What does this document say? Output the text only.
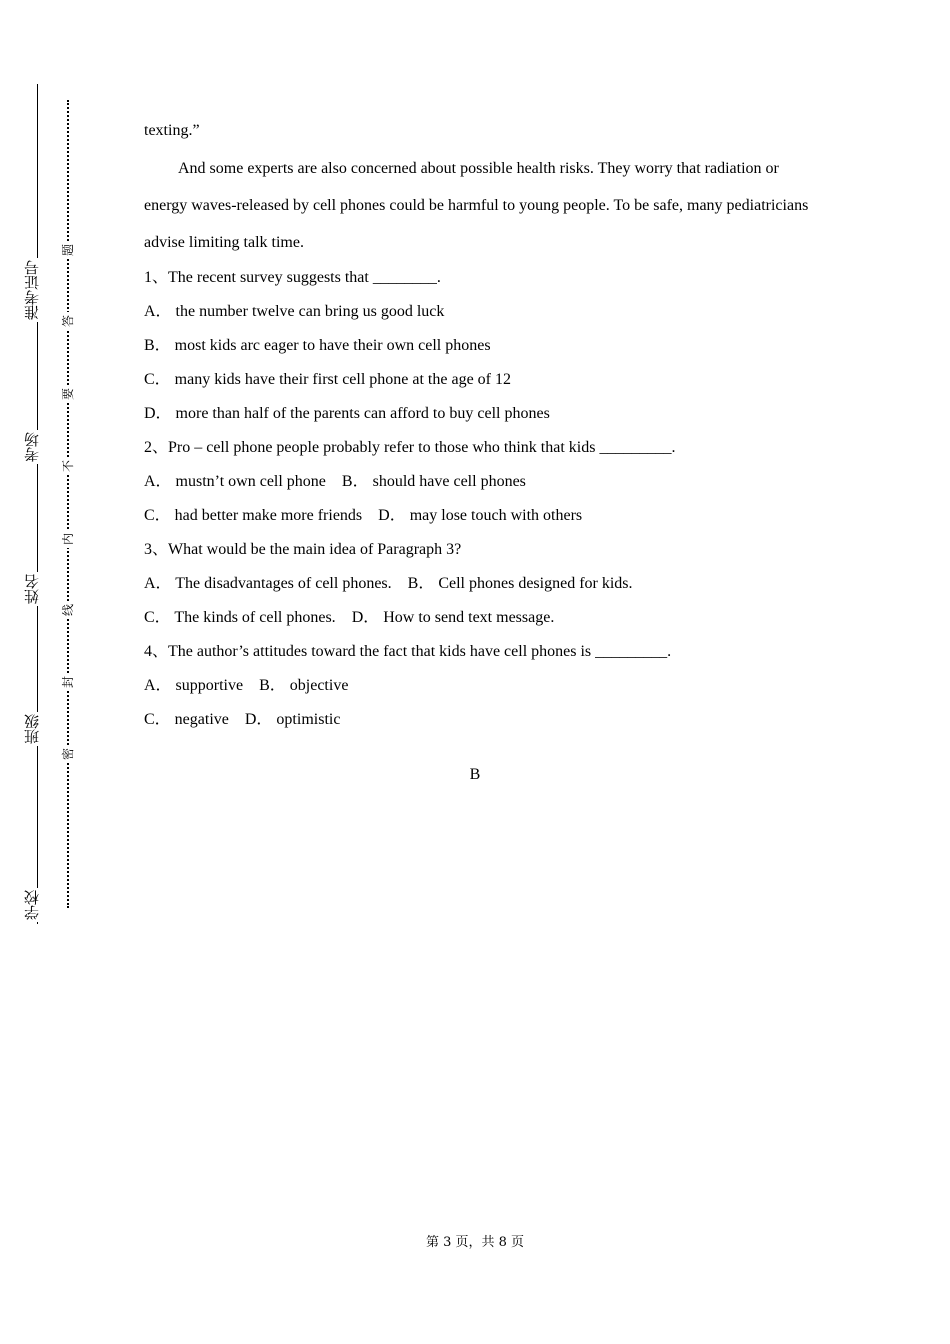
准考证号
考场
姓名
班级
学校
题
答
要
不
内
线
封
密

texting.”

And some experts are also concerned about possible health risks. They worry that radiation or energy waves-released by cell phones could be harmful to young people. To be safe, many pediatricians advise limiting talk time.

1、The recent survey suggests that ________.

A． the number twelve can bring us good luck

B． most kids arc eager to have their own cell phones

C． many kids have their first cell phone at the age of 12

D． more than half of the parents can afford to buy cell phones

2、Pro – cell phone people probably refer to those who think that kids _________.

A． mustn’t own cell phone B． should have cell phones

C． had better make more friends D． may lose touch with others

3、What would be the main idea of Paragraph 3?

A． The disadvantages of cell phones. B． Cell phones designed for kids.

C． The kinds of cell phones. D． How to send text message.

4、The author’s attitudes toward the fact that kids have cell phones is _________.

A． supportive B． objective

C． negative D． optimistic

B
第 3 页，共 8 页
